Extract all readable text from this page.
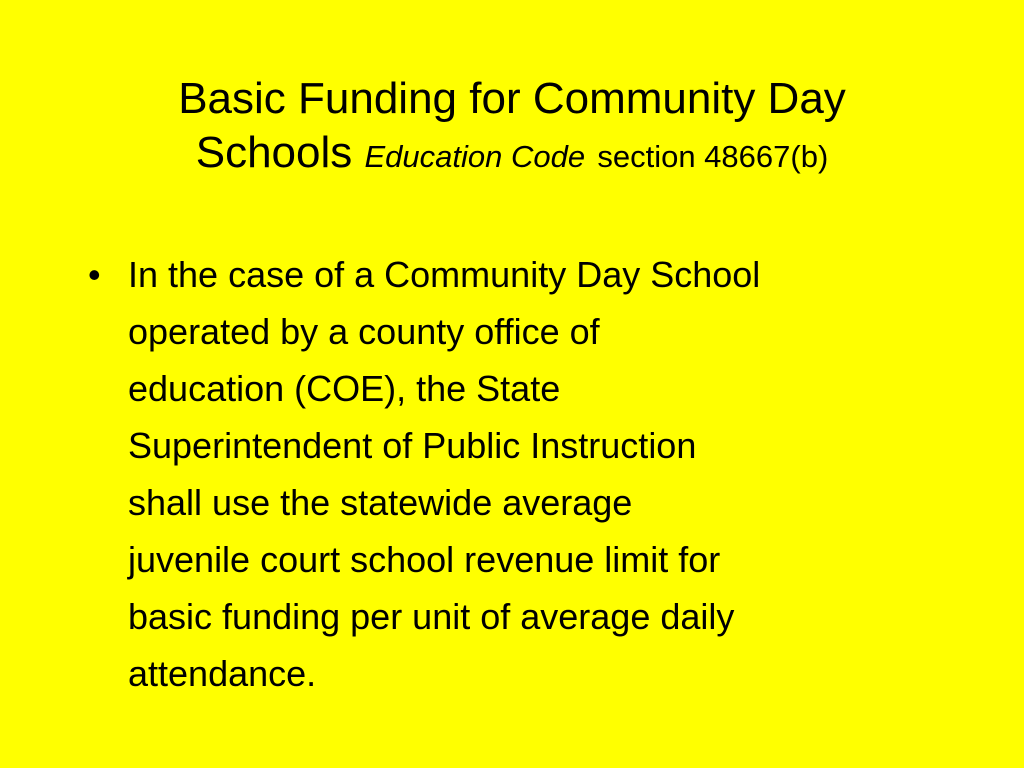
Basic Funding for Community Day
Schools Education Code section 48667(b)
• In the case of a Community Day School
operated by a county office of
education (COE), the State
Superintendent of Public Instruction
shall use the statewide average
juvenile court school revenue limit for
basic funding per unit of average daily
attendance.
